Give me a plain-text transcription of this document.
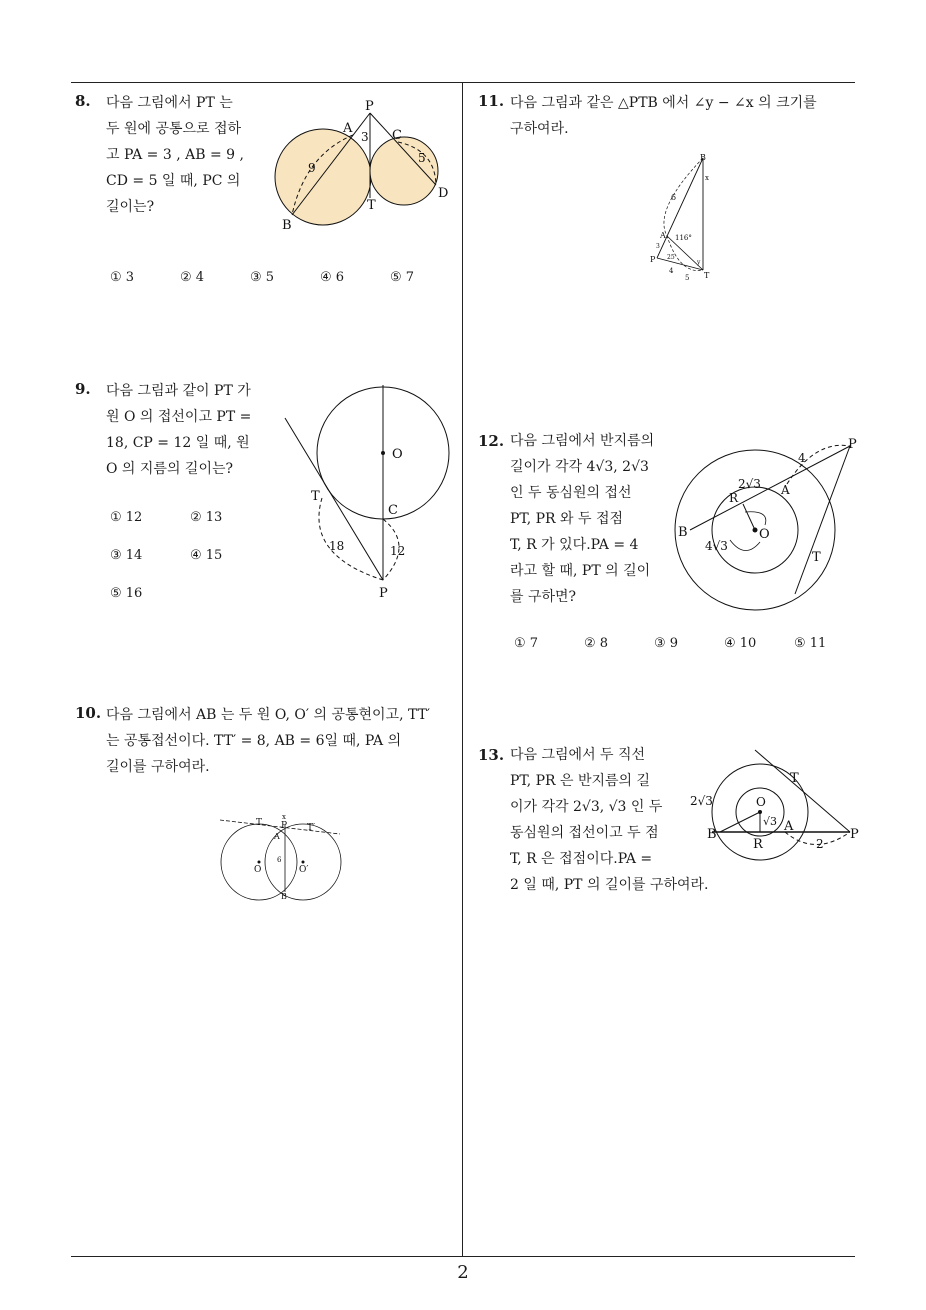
8. 다음 그림에서 PT 는
두 원에 공통으로 접하
고 PA = 3 , AB = 9 ,
CD = 5 일 때, PC 의
길이는?
P
A
3 C
9
5
T
D
B
① 3	② 4	③ 5	④ 6	⑤ 7
9. 다음 그림과 같이 PT 가
원 O 의 접선이고 PT =
18, CP = 12 일 때, 원
O 의 지름의 길이는?
① 12	② 13
③ 14	④ 15
⑤ 16
O
T
C
18	12
P
10. 다음 그림에서 AB 는 두 원 O, O′ 의 공통현이고, TT′
는 공통접선이다. TT′ = 8, AB = 6일 때, PA 의
길이를 구하여라.
T
x
P T′
A
6
O	O′
B
11. 다음 그림과 같은 △PTB 에서 ∠y − ∠x 의 크기를
구하여라.
B
x
6
A 116°
3
P 25
y
4
5 T
12. 다음 그림에서 반지름의
길이가 각각 4√3, 2√3
인 두 동심원의 접선
PT, PR 와 두 접점
T, R 가 있다.PA = 4
라고 할 때, PT 의 길이
를 구하면?
P
4
2√3
R
A
B	O
4√3
T
① 7	② 8	③ 9	④ 10	⑤ 11
13. 다음 그림에서 두 직선
PT, PR 은 반지름의 길
이가 각각 2√3, √3 인 두
동심원의 접선이고 두 점
T, R 은 접점이다.PA =
2 일 때, PT 의 길이를 구하여라.
T
2√3	O
√3
B
A
P
R	2
2
